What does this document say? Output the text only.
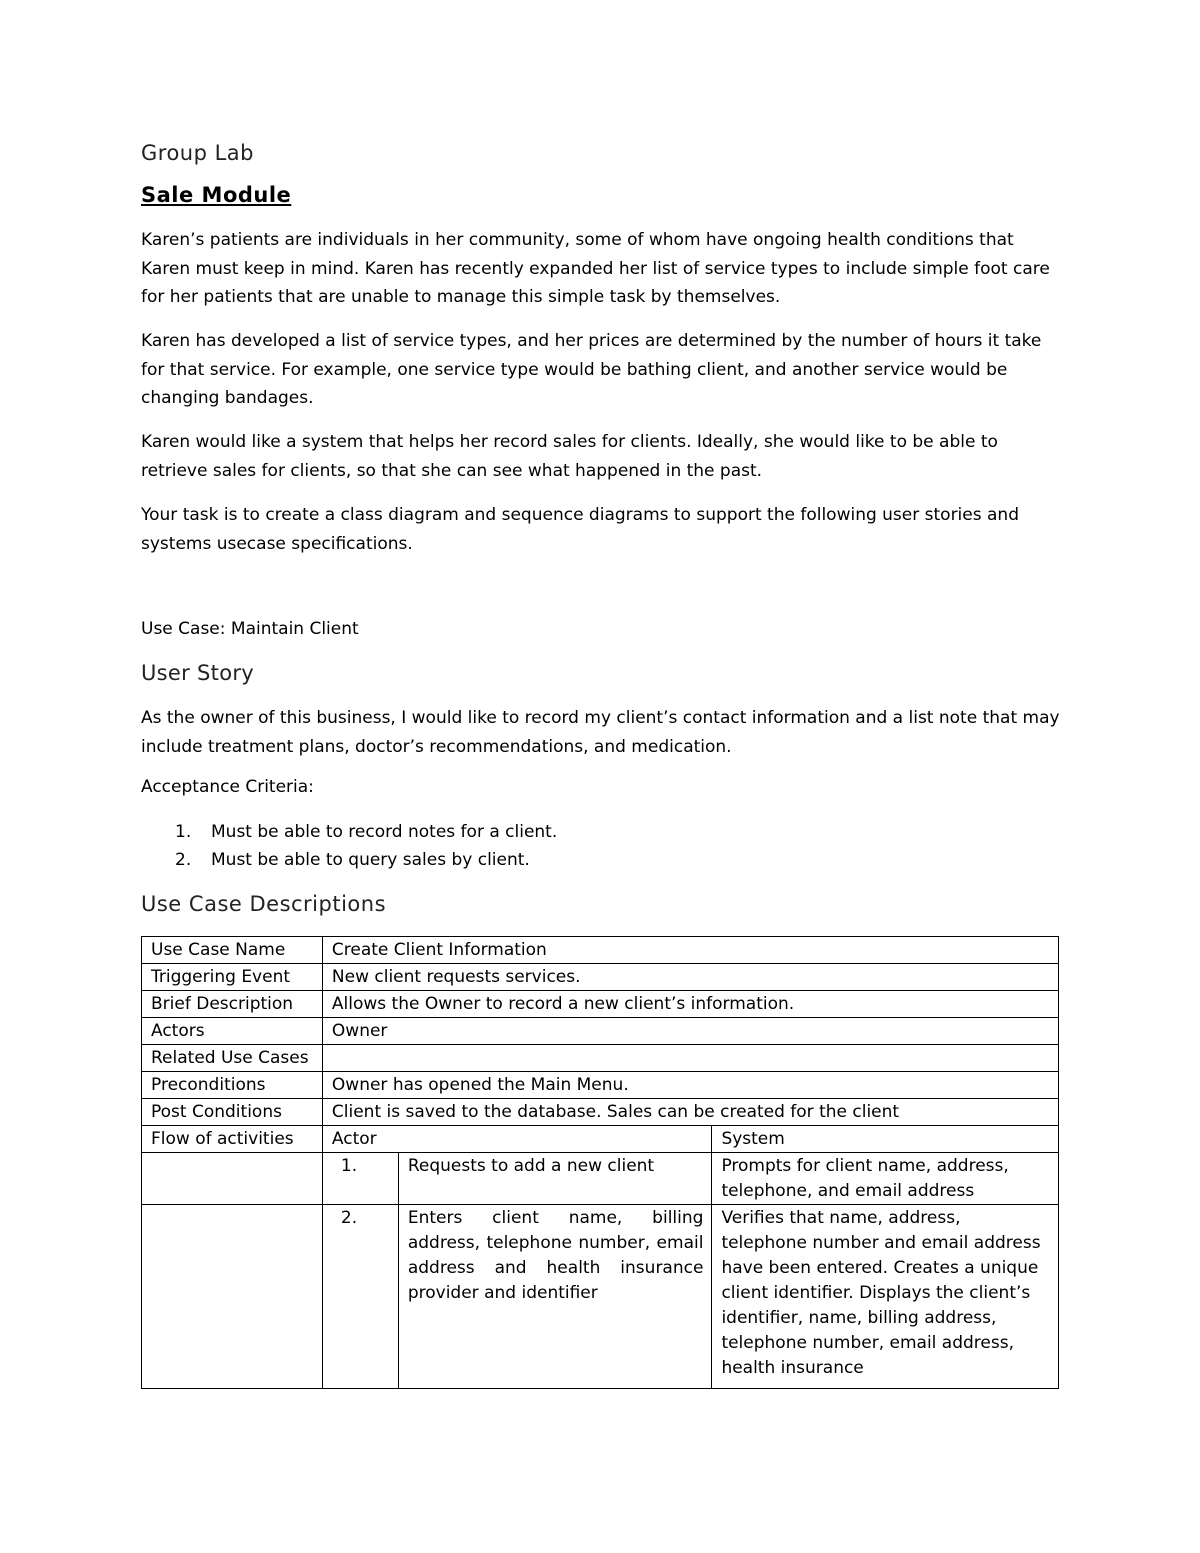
Group Lab
Sale Module

Karen’s patients are individuals in her community, some of whom have ongoing health conditions that Karen must keep in mind. Karen has recently expanded her list of service types to include simple foot care for her patients that are unable to manage this simple task by themselves.

Karen has developed a list of service types, and her prices are determined by the number of hours it take for that service. For example, one service type would be bathing client, and another service would be changing bandages.

Karen would like a system that helps her record sales for clients. Ideally, she would like to be able to retrieve sales for clients, so that she can see what happened in the past.

Your task is to create a class diagram and sequence diagrams to support the following user stories and systems usecase specifications.

Use Case: Maintain Client
User Story

As the owner of this business, I would like to record my client’s contact information and a list note that may include treatment plans, doctor’s recommendations, and medication.

Acceptance Criteria:
1. Must be able to record notes for a client.
2. Must be able to query sales by client.
Use Case Descriptions
Use Case Name	Create Client Information		
Triggering Event	New client requests services.		
Brief Description	Allows the Owner to record a new client’s information.		
Actors	Owner		
Related Use Cases			
Preconditions	Owner has opened the Main Menu.		
Post Conditions	Client is saved to the database. Sales can be created for the client		
Flow of activities	Actor		System
	1.	Requests to add a new client	Prompts for client name, address, telephone, and email address
	2.	Enters client name, billing address, telephone number, email address and health insurance provider and identifier	Verifies that name, address, telephone number and email address have been entered. Creates a unique client identifier. Displays the client’s identifier, name, billing address, telephone number, email address, health insurance
